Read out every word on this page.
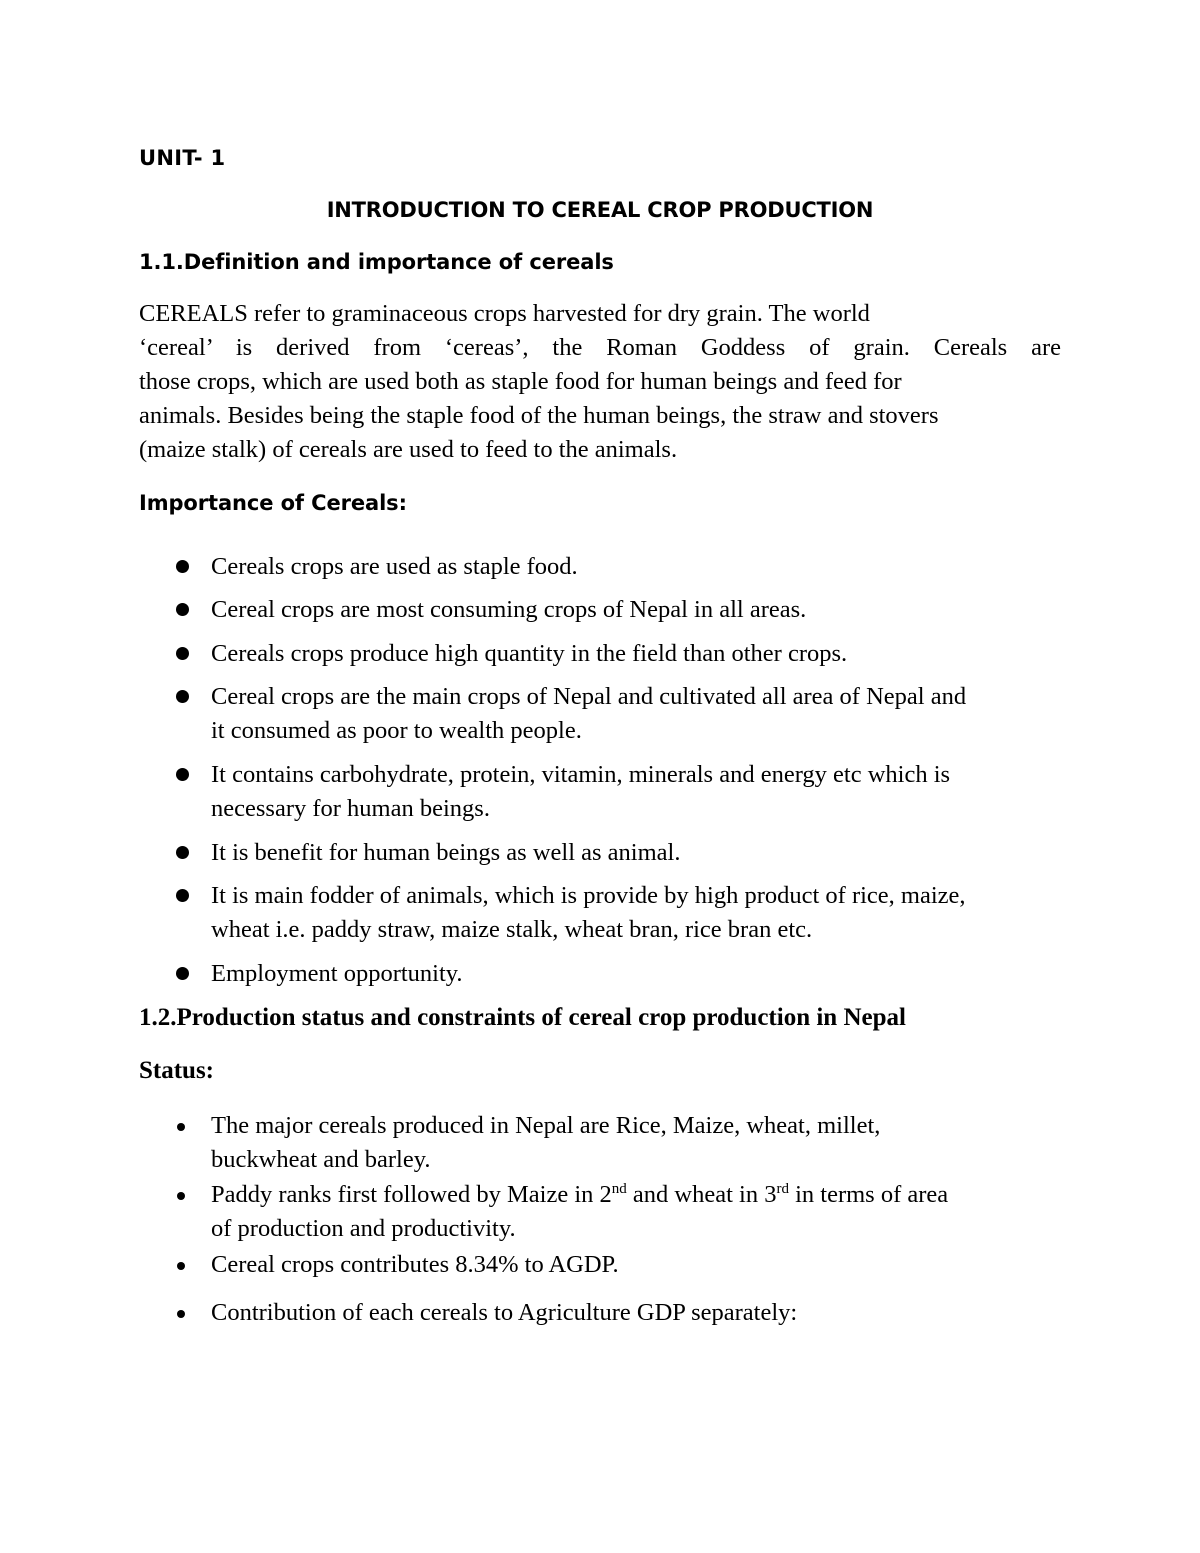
UNIT- 1

INTRODUCTION TO CEREAL CROP PRODUCTION

1.1.Definition and importance of cereals

CEREALS refer to graminaceous crops harvested for dry grain. The world
‘cereal’ is derived from ‘cereas’, the Roman Goddess of grain. Cereals are
those crops, which are used both as staple food for human beings and feed for
animals. Besides being the staple food of the human beings, the straw and stovers
(maize stalk) of cereals are used to feed to the animals.

Importance of Cereals:

Cereals crops are used as staple food.
Cereal crops are most consuming crops of Nepal in all areas.
Cereals crops produce high quantity in the field than other crops.
Cereal crops are the main crops of Nepal and cultivated all area of Nepal and
it consumed as poor to wealth people.
It contains carbohydrate, protein, vitamin, minerals and energy etc which is
necessary for human beings.
It is benefit for human beings as well as animal.
It is main fodder of animals, which is provide by high product of rice, maize,
wheat i.e. paddy straw, maize stalk, wheat bran, rice bran etc.
Employment opportunity.

1.2.Production status and constraints of cereal crop production in Nepal

Status:

The major cereals produced in Nepal are Rice, Maize, wheat, millet,
buckwheat and barley.
Paddy ranks first followed by Maize in 2nd and wheat in 3rd in terms of area
of production and productivity.
Cereal crops contributes 8.34% to AGDP.
Contribution of each cereals to Agriculture GDP separately:
